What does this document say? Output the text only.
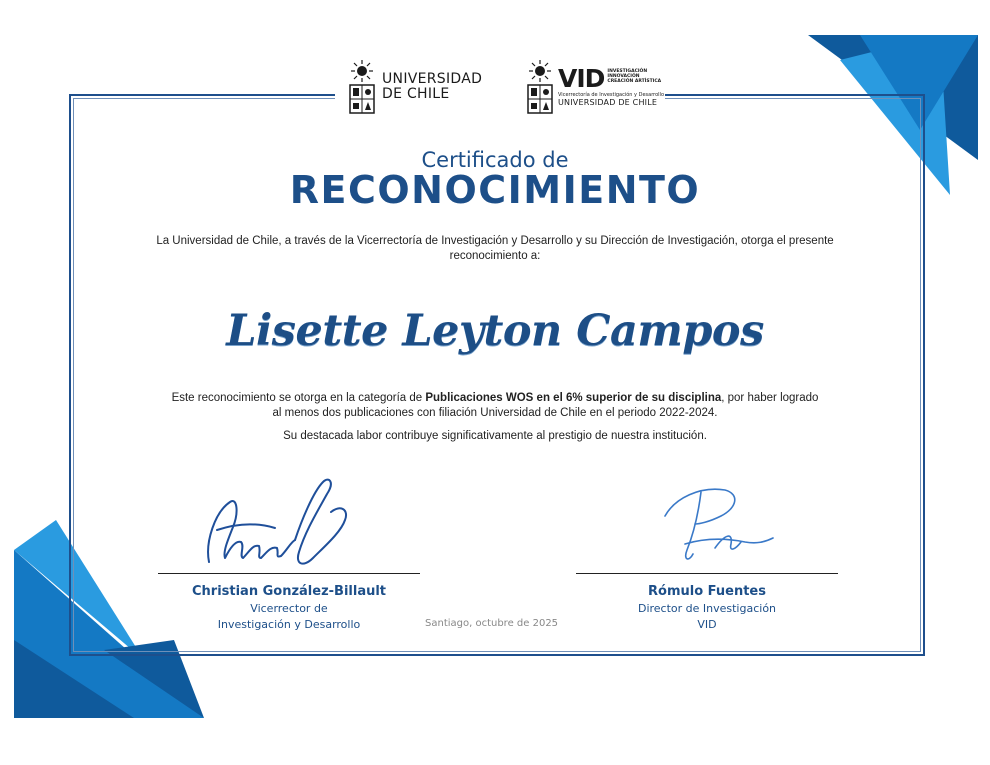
UNIVERSIDAD
DE CHILE
VID INVESTIGACIÓN
INNOVACIÓN
CREACIÓN ARTÍSTICA
Vicerrectoría de Investigación y Desarrollo
UNIVERSIDAD DE CHILE
Certificado de
RECONOCIMIENTO
La Universidad de Chile, a través de la Vicerrectoría de Investigación y Desarrollo y su Dirección de Investigación, otorga el presente reconocimiento a:
Lisette Leyton Campos
Este reconocimiento se otorga en la categoría de Publicaciones WOS en el 6% superior de su disciplina, por haber logrado al menos dos publicaciones con filiación Universidad de Chile en el periodo 2022-2024.
Su destacada labor contribuye significativamente al prestigio de nuestra institución.
Christian González-Billault
Vicerrector de
Investigación y Desarrollo
Rómulo Fuentes
Director de Investigación
VID
Santiago, octubre de 2025
